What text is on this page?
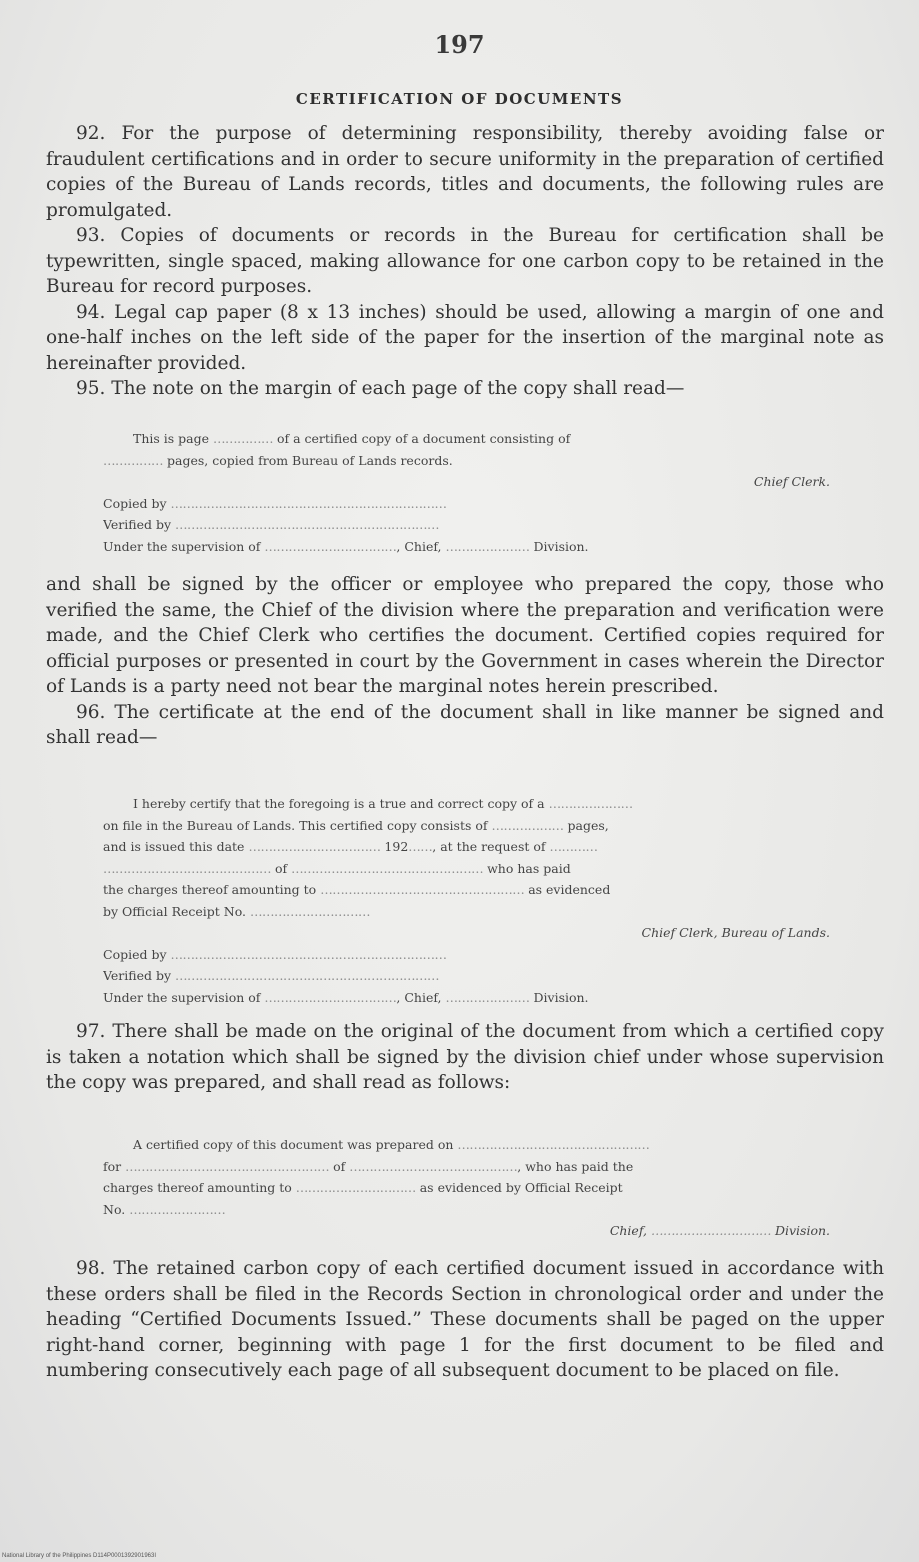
197
CERTIFICATION OF DOCUMENTS

92. For the purpose of determining responsibility, thereby avoiding false or fraudulent certifications and in order to secure uniformity in the preparation of certified copies of the Bureau of Lands records, titles and documents, the following rules are promulgated.

93. Copies of documents or records in the Bureau for certification shall be typewritten, single spaced, making allowance for one carbon copy to be retained in the Bureau for record purposes.

94. Legal cap paper (8 x 13 inches) should be used, allowing a margin of one and one-half inches on the left side of the paper for the insertion of the marginal note as hereinafter provided.

95. The note on the margin of each page of the copy shall read—

This is page …………… of a certified copy of a document consisting of
…………… pages, copied from Bureau of Lands records.
Chief Clerk.
Copied by ……………………………………………………………
Verified by …………………………………………………………
Under the supervision of ……………………………, Chief, ………………… Division.

and shall be signed by the officer or employee who prepared the copy, those who verified the same, the Chief of the division where the preparation and verification were made, and the Chief Clerk who certifies the document. Certified copies required for official purposes or presented in court by the Government in cases wherein the Director of Lands is a party need not bear the marginal notes herein prescribed.

96. The certificate at the end of the document shall in like manner be signed and shall read—

I hereby certify that the foregoing is a true and correct copy of a …………………
on file in the Bureau of Lands. This certified copy consists of ……………… pages,
and is issued this date …………………………… 192……, at the request of …………
…………………………………… of ………………………………………… who has paid
the charges thereof amounting to …………………………………………… as evidenced
by Official Receipt No. …………………………
Chief Clerk, Bureau of Lands.
Copied by ……………………………………………………………
Verified by …………………………………………………………
Under the supervision of ……………………………, Chief, ………………… Division.

97. There shall be made on the original of the document from which a certified copy is taken a notation which shall be signed by the division chief under whose supervision the copy was prepared, and shall read as follows:

A certified copy of this document was prepared on …………………………………………
for …………………………………………… of ……………………………………, who has paid the
charges thereof amounting to ………………………… as evidenced by Official Receipt
No. ……………………
Chief, ………………………… Division.

98. The retained carbon copy of each certified document issued in accordance with these orders shall be filed in the Records Section in chronological order and under the heading “Certified Documents Issued.” These documents shall be paged on the upper right-hand corner, beginning with page 1 for the first document to be filed and numbering consecutively each page of all subsequent document to be placed on file.

National Library of the Philippines D114P0001392901963I
